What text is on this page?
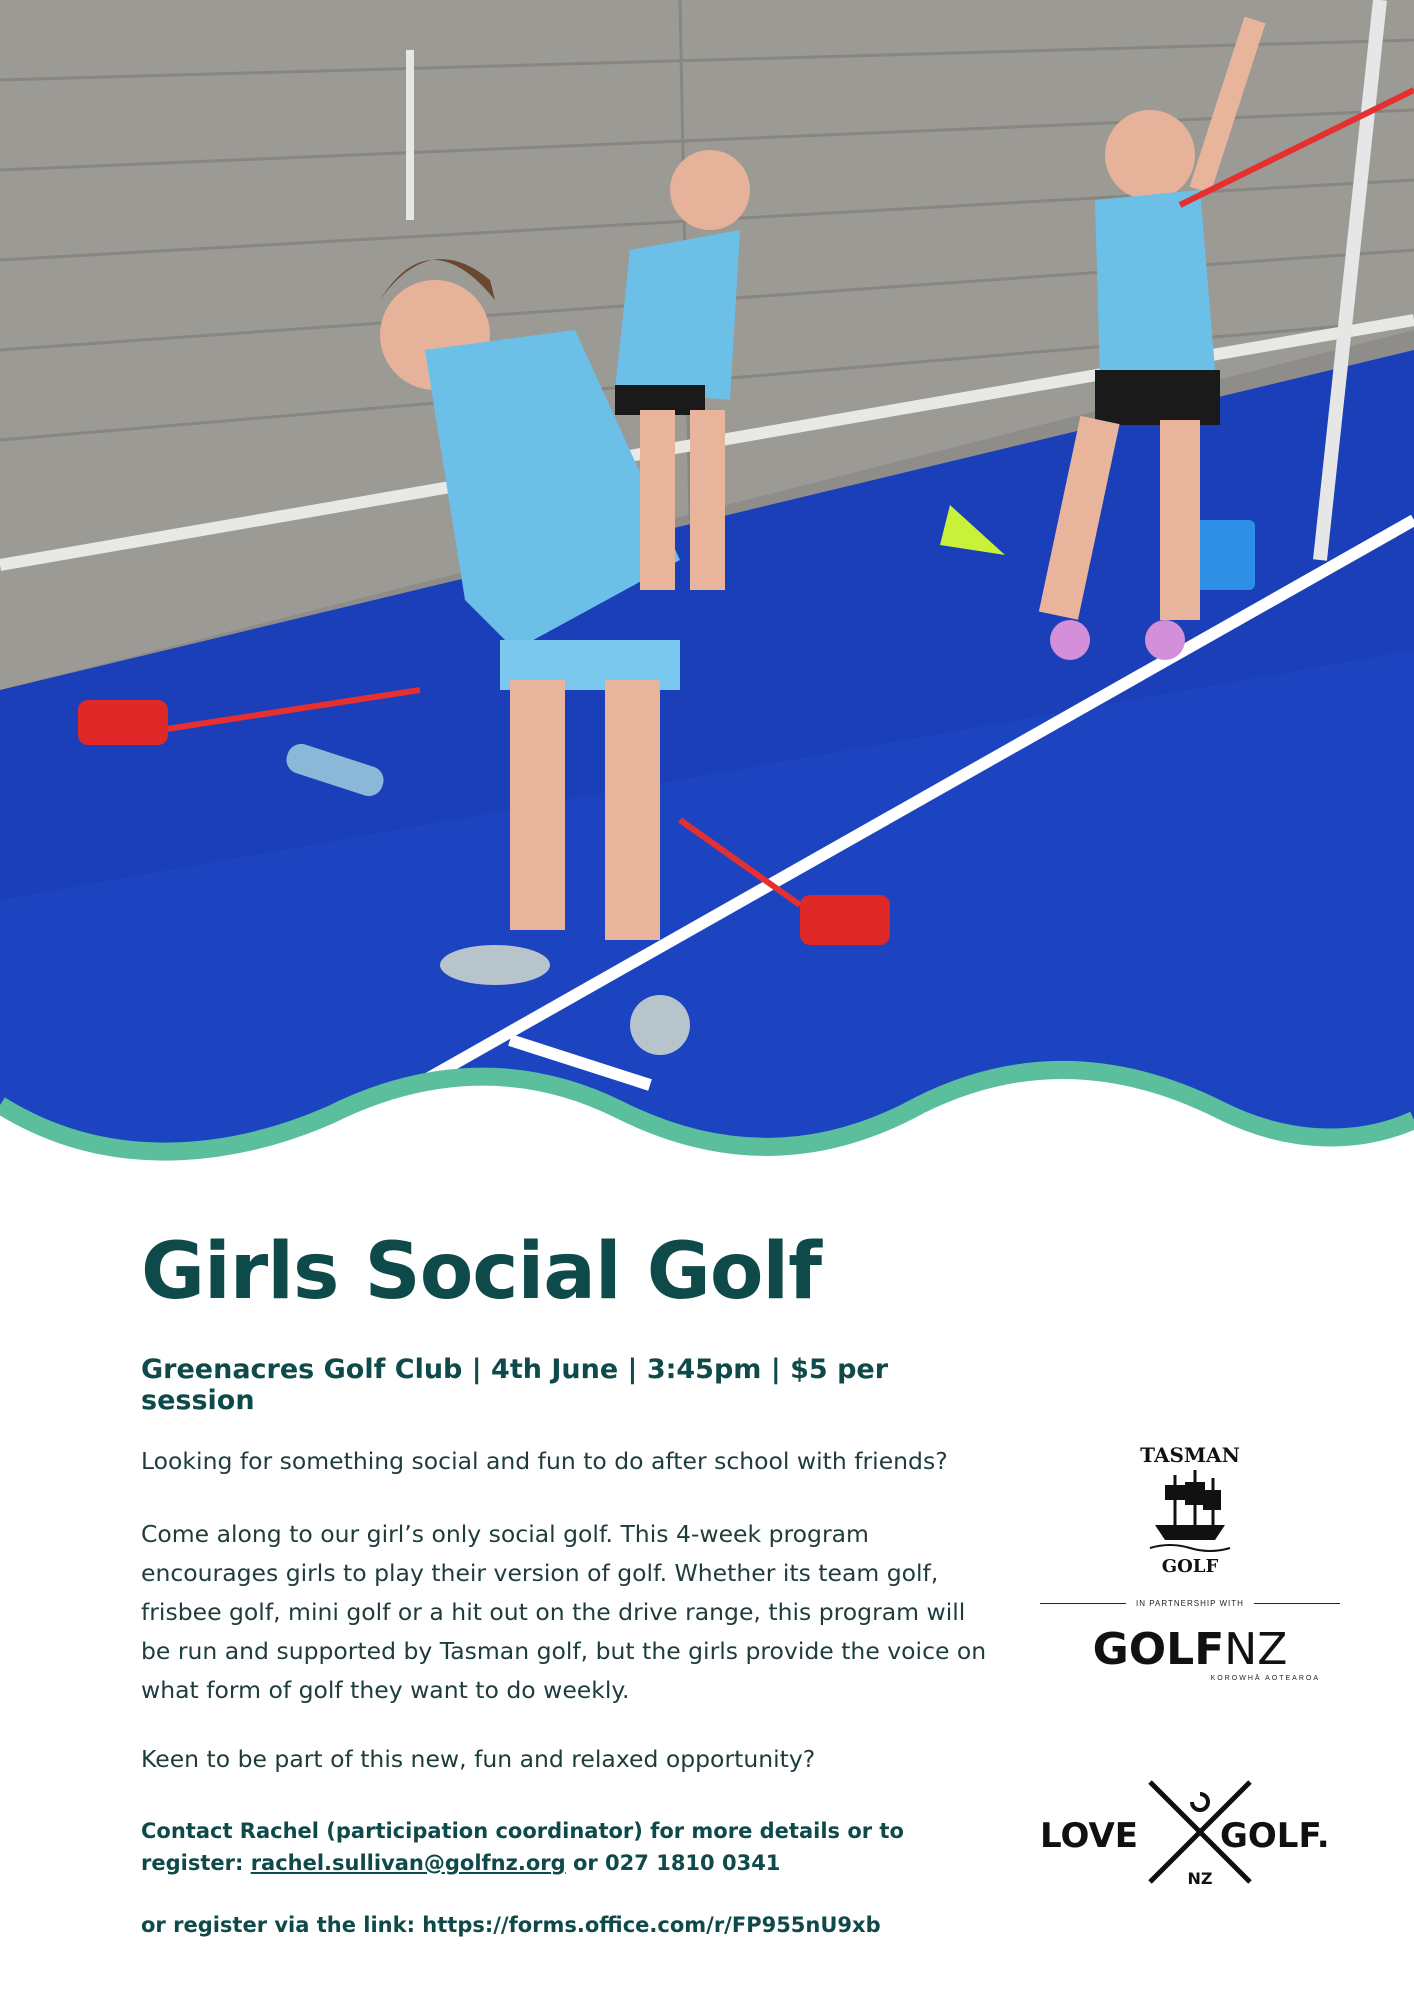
Girls Social Golf
Greenacres Golf Club | 4th June | 3:45pm | $5 per session
Looking for something social and fun to do after school with friends?
Come along to our girl’s only social golf. This 4-week program encourages girls to play their version of golf. Whether its team golf, frisbee golf, mini golf or a hit out on the drive range, this program will be run and supported by Tasman golf, but the girls provide the voice on what form of golf they want to do weekly.
Keen to be part of this new, fun and relaxed opportunity?
Contact Rachel (participation coordinator) for more details or to register: rachel.sullivan@golfnz.org or 027 1810 0341
or register via the link: https://forms.office.com/r/FP955nU9xb
TASMAN
GOLF
IN PARTNERSHIP WITH
GOLFNZ
KOROWHĀ AOTEAROA
LOVE GOLF.
NZ
